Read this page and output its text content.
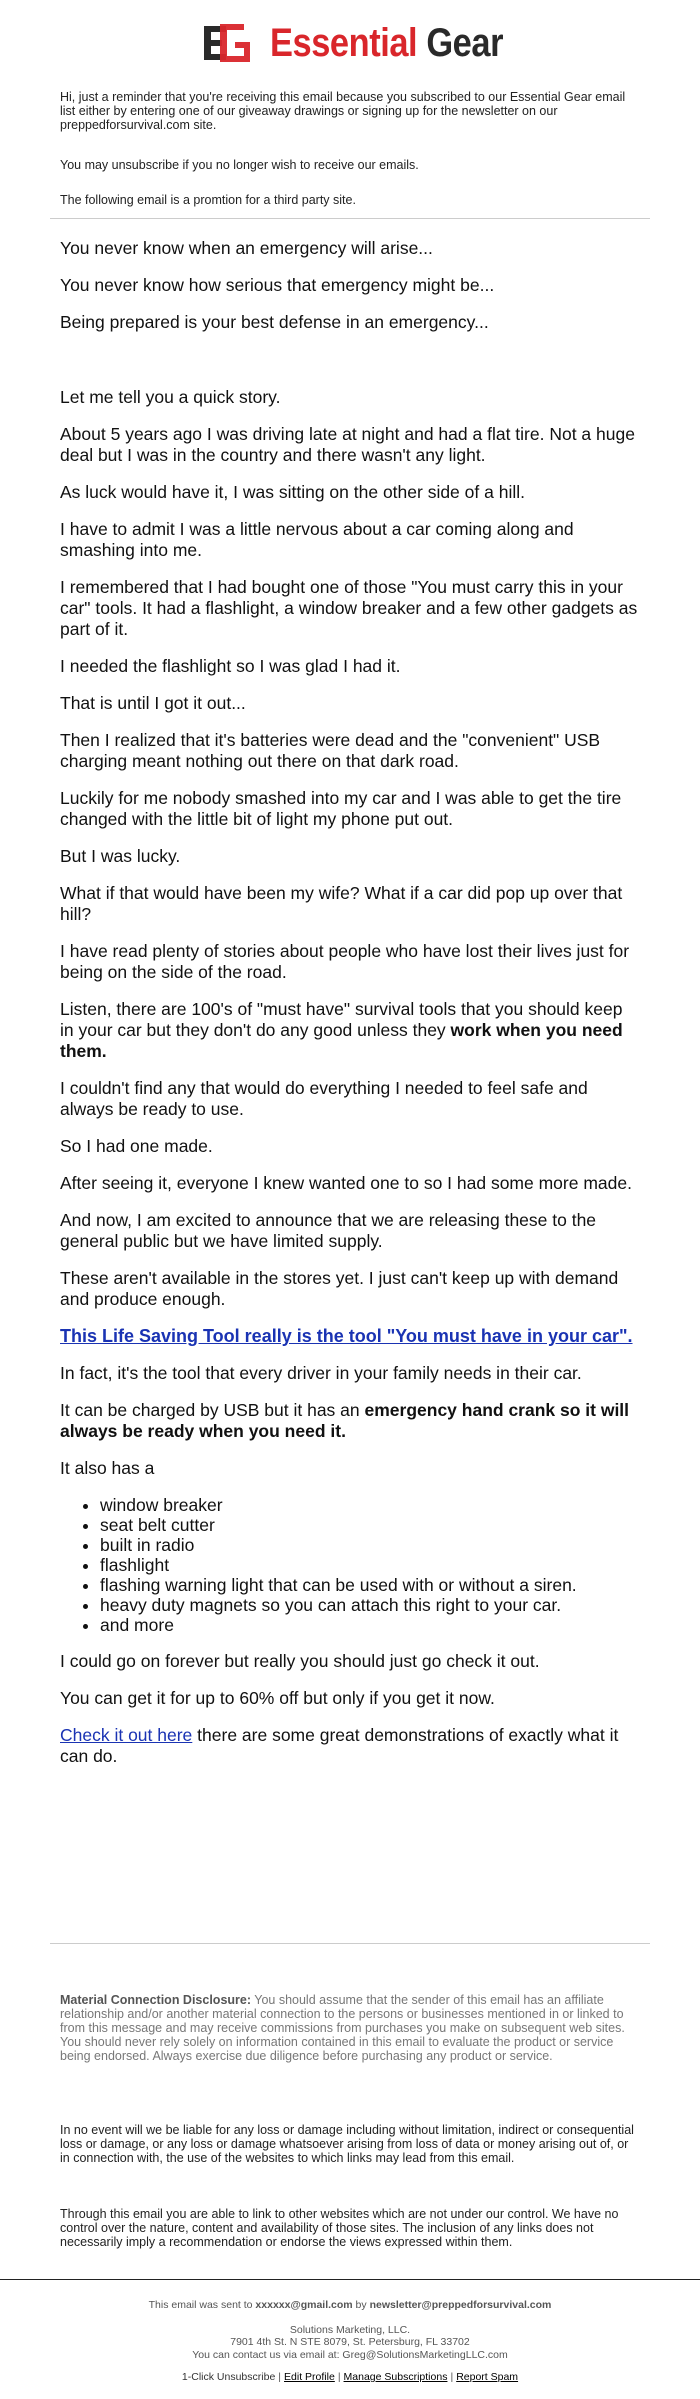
Essential Gear
Hi, just a reminder that you're receiving this email because you subscribed to our Essential Gear email list either by entering one of our giveaway drawings or signing up for the newsletter on our preppedforsurvival.com site.
You may unsubscribe if you no longer wish to receive our emails.
The following email is a promtion for a third party site.

You never know when an emergency will arise...

You never know how serious that emergency might be...

Being prepared is your best defense in an emergency...

Let me tell you a quick story.

About 5 years ago I was driving late at night and had a flat tire. Not a huge deal but I was in the country and there wasn't any light.

As luck would have it, I was sitting on the other side of a hill.

I have to admit I was a little nervous about a car coming along and smashing into me.

I remembered that I had bought one of those "You must carry this in your car" tools. It had a flashlight, a window breaker and a few other gadgets as part of it.

I needed the flashlight so I was glad I had it.

That is until I got it out...

Then I realized that it's batteries were dead and the "convenient" USB charging meant nothing out there on that dark road.

Luckily for me nobody smashed into my car and I was able to get the tire changed with the little bit of light my phone put out.

But I was lucky.

What if that would have been my wife? What if a car did pop up over that hill?

I have read plenty of stories about people who have lost their lives just for being on the side of the road.

Listen, there are 100's of "must have" survival tools that you should keep in your car but they don't do any good unless they work when you need them.

I couldn't find any that would do everything I needed to feel safe and always be ready to use.

So I had one made.

After seeing it, everyone I knew wanted one to so I had some more made.

And now, I am excited to announce that we are releasing these to the general public but we have limited supply.

These aren't available in the stores yet. I just can't keep up with demand and produce enough.

This Life Saving Tool really is the tool "You must have in your car".

In fact, it's the tool that every driver in your family needs in their car.

It can be charged by USB but it has an emergency hand crank so it will always be ready when you need it.

It also has a

• window breaker
• seat belt cutter
• built in radio
• flashlight
• flashing warning light that can be used with or without a siren.
• heavy duty magnets so you can attach this right to your car.
• and more

I could go on forever but really you should just go check it out.

You can get it for up to 60% off but only if you get it now.

Check it out here there are some great demonstrations of exactly what it can do.

Material Connection Disclosure: You should assume that the sender of this email has an affiliate relationship and/or another material connection to the persons or businesses mentioned in or linked to from this message and may receive commissions from purchases you make on subsequent web sites. You should never rely solely on information contained in this email to evaluate the product or service being endorsed. Always exercise due diligence before purchasing any product or service.
In no event will we be liable for any loss or damage including without limitation, indirect or consequential loss or damage, or any loss or damage whatsoever arising from loss of data or money arising out of, or in connection with, the use of the websites to which links may lead from this email.
Through this email you are able to link to other websites which are not under our control. We have no control over the nature, content and availability of those sites. The inclusion of any links does not necessarily imply a recommendation or endorse the views expressed within them.
This email was sent to xxxxxx@gmail.com by newsletter@preppedforsurvival.com
Solutions Marketing, LLC.
7901 4th St. N STE 8079, St. Petersburg, FL 33702
You can contact us via email at: Greg@SolutionsMarketingLLC.com
1-Click Unsubscribe | Edit Profile | Manage Subscriptions | Report Spam
